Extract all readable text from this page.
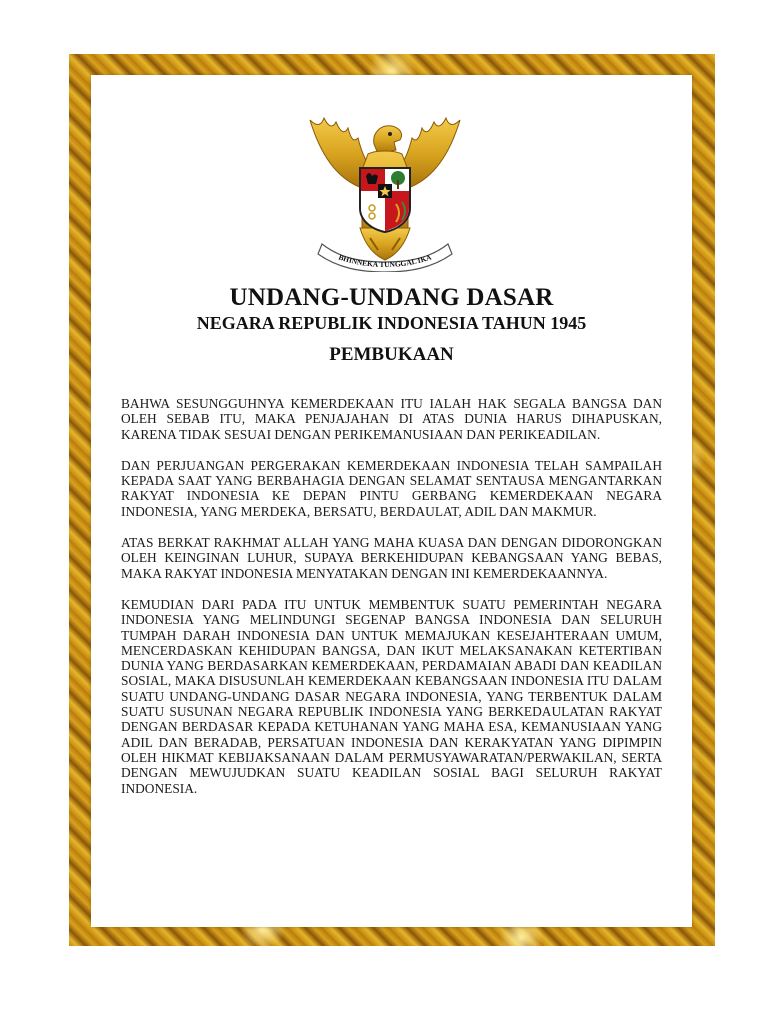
BHINNEKA TUNGGAL IKA
UNDANG-UNDANG DASAR
NEGARA REPUBLIK INDONESIA TAHUN 1945
PEMBUKAAN

BAHWA SESUNGGUHNYA KEMERDEKAAN ITU IALAH HAK SEGALA BANGSA DAN OLEH SEBAB ITU, MAKA PENJAJAHAN DI ATAS DUNIA HARUS DIHAPUSKAN, KARENA TIDAK SESUAI DENGAN PERIKEMANUSIAAN DAN PERIKEADILAN.

DAN PERJUANGAN PERGERAKAN KEMERDEKAAN INDONESIA TELAH SAMPAILAH KEPADA SAAT YANG BERBAHAGIA DENGAN SELAMAT SENTAUSA MENGANTARKAN RAKYAT INDONESIA KE DEPAN PINTU GERBANG KEMERDEKAAN NEGARA INDONESIA, YANG MERDEKA, BERSATU, BERDAULAT, ADIL DAN MAKMUR.

ATAS BERKAT RAKHMAT ALLAH YANG MAHA KUASA DAN DENGAN DIDORONGKAN OLEH KEINGINAN LUHUR, SUPAYA BERKEHIDUPAN KEBANGSAAN YANG BEBAS, MAKA RAKYAT INDONESIA MENYATAKAN DENGAN INI KEMERDEKAANNYA.

KEMUDIAN DARI PADA ITU UNTUK MEMBENTUK SUATU PEMERINTAH NEGARA INDONESIA YANG MELINDUNGI SEGENAP BANGSA INDONESIA DAN SELURUH TUMPAH DARAH INDONESIA DAN UNTUK MEMAJUKAN KESEJAHTERAAN UMUM, MENCERDASKAN KEHIDUPAN BANGSA, DAN IKUT MELAKSANAKAN KETERTIBAN DUNIA YANG BERDASARKAN KEMERDEKAAN, PERDAMAIAN ABADI DAN KEADILAN SOSIAL, MAKA DISUSUNLAH KEMERDEKAAN KEBANGSAAN INDONESIA ITU DALAM SUATU UNDANG-UNDANG DASAR NEGARA INDONESIA, YANG TERBENTUK DALAM SUATU SUSUNAN NEGARA REPUBLIK INDONESIA YANG BERKEDAULATAN RAKYAT DENGAN BERDASAR KEPADA KETUHANAN YANG MAHA ESA, KEMANUSIAAN YANG ADIL DAN BERADAB, PERSATUAN INDONESIA DAN KERAKYATAN YANG DIPIMPIN OLEH HIKMAT KEBIJAKSANAAN DALAM PERMUSYAWARATAN/PERWAKILAN, SERTA DENGAN MEWUJUDKAN SUATU KEADILAN SOSIAL BAGI SELURUH RAKYAT INDONESIA.
